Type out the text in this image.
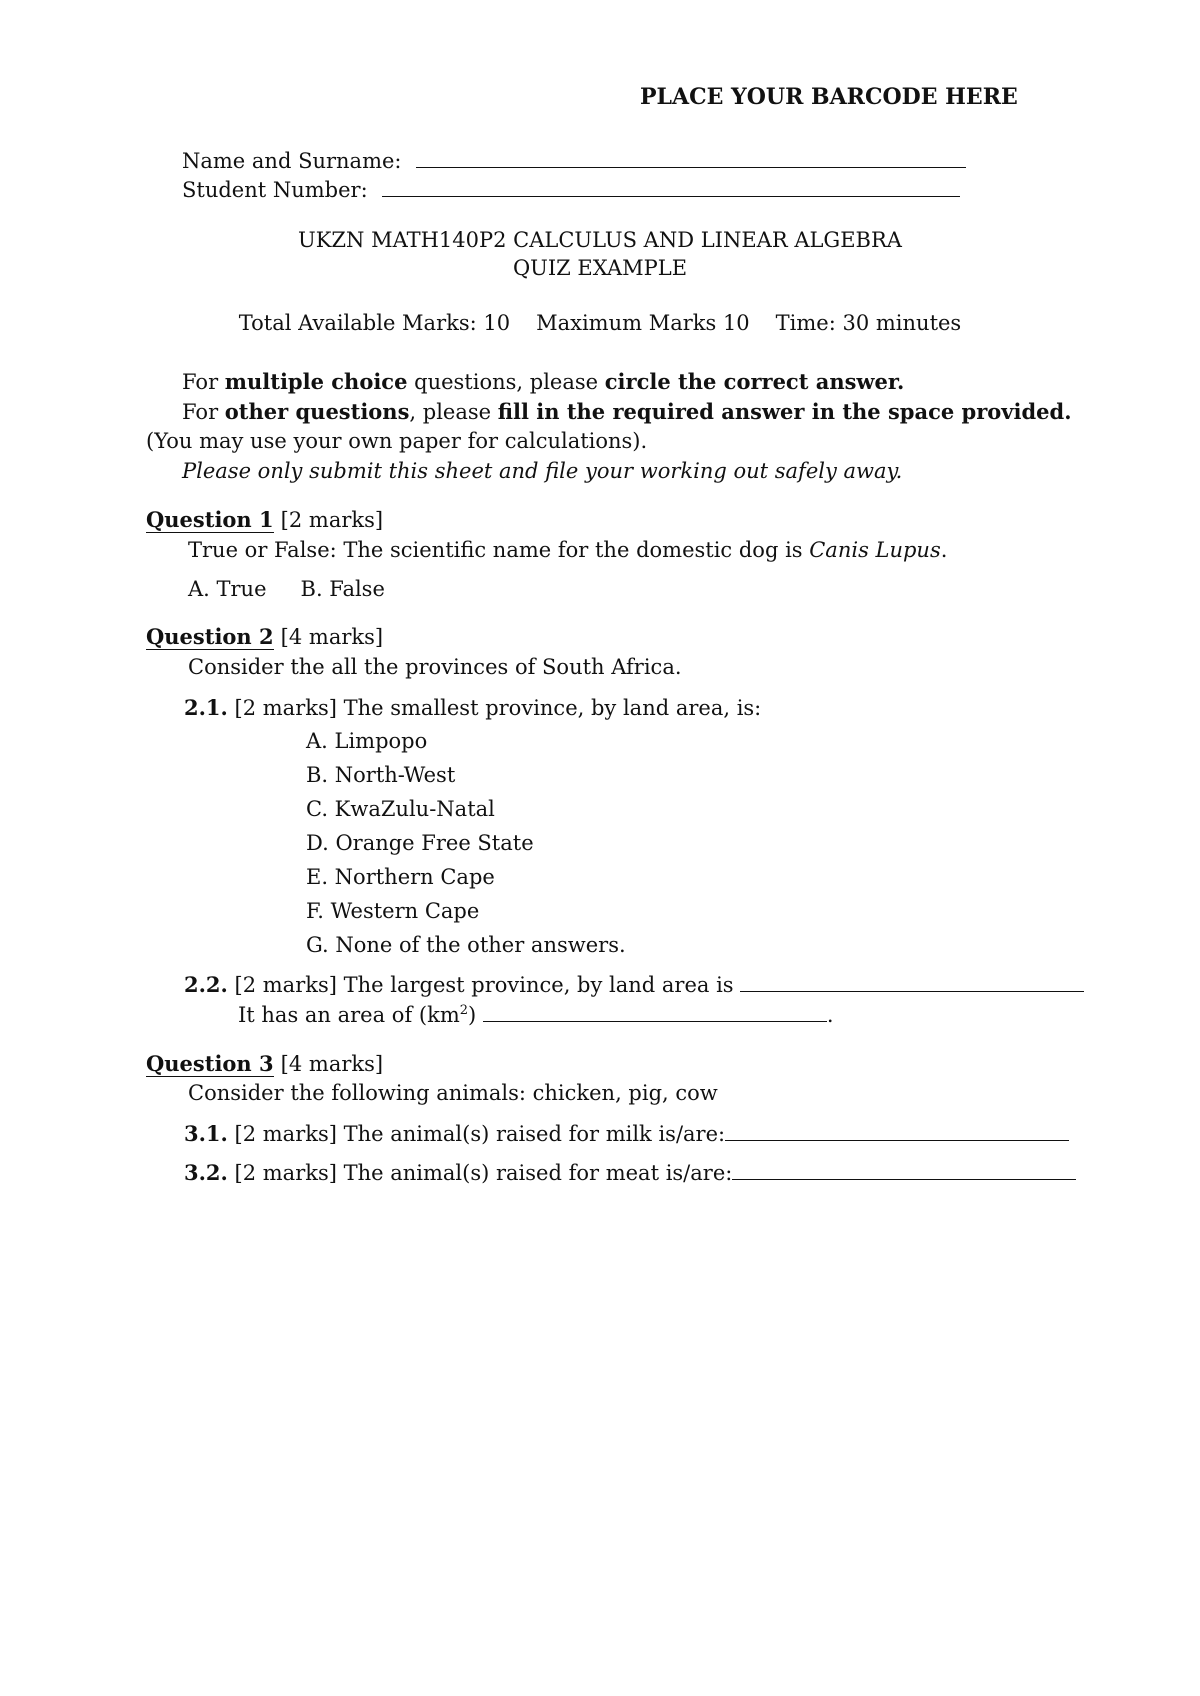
PLACE YOUR BARCODE HERE
Name and Surname:
Student Number:
UKZN MATH140P2 CALCULUS AND LINEAR ALGEBRA
QUIZ EXAMPLE
Total Available Marks: 10 Maximum Marks 10 Time: 30 minutes
For multiple choice questions, please circle the correct answer.
For other questions, please fill in the required answer in the space provided.
(You may use your own paper for calculations).
Please only submit this sheet and file your working out safely away.
Question 1 [2 marks]
True or False: The scientific name for the domestic dog is Canis Lupus.
A. True B. False
Question 2 [4 marks]
Consider the all the provinces of South Africa.
2.1. [2 marks] The smallest province, by land area, is:
A. Limpopo
B. North-West
C. KwaZulu-Natal
D. Orange Free State
E. Northern Cape
F. Western Cape
G. None of the other answers.
2.2. [2 marks] The largest province, by land area is
It has an area of $(km^2)$	.
Question 3 [4 marks]
Consider the following animals: chicken, pig, cow
3.1. [2 marks] The animal(s) raised for milk is/are:
3.2. [2 marks] The animal(s) raised for meat is/are:
